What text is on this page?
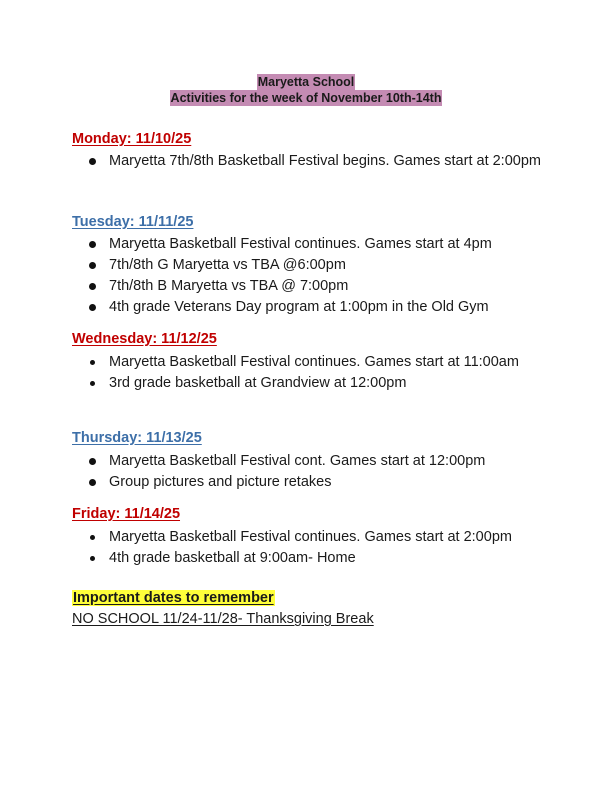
Maryetta School
Activities for the week of November 10th-14th
Monday: 11/10/25
Maryetta 7th/8th Basketball Festival begins. Games start at 2:00pm
Tuesday: 11/11/25
Maryetta Basketball Festival continues. Games start at 4pm
7th/8th G Maryetta vs TBA @6:00pm
7th/8th B Maryetta vs TBA @ 7:00pm
4th grade Veterans Day program at 1:00pm in the Old Gym
Wednesday: 11/12/25
Maryetta Basketball Festival continues. Games start at 11:00am
3rd grade basketball at Grandview at 12:00pm
Thursday: 11/13/25
Maryetta Basketball Festival cont. Games start at 12:00pm
Group pictures and picture retakes
Friday: 11/14/25
Maryetta Basketball Festival continues. Games start at 2:00pm
4th grade basketball at 9:00am- Home
Important dates to remember
NO SCHOOL 11/24-11/28- Thanksgiving Break
